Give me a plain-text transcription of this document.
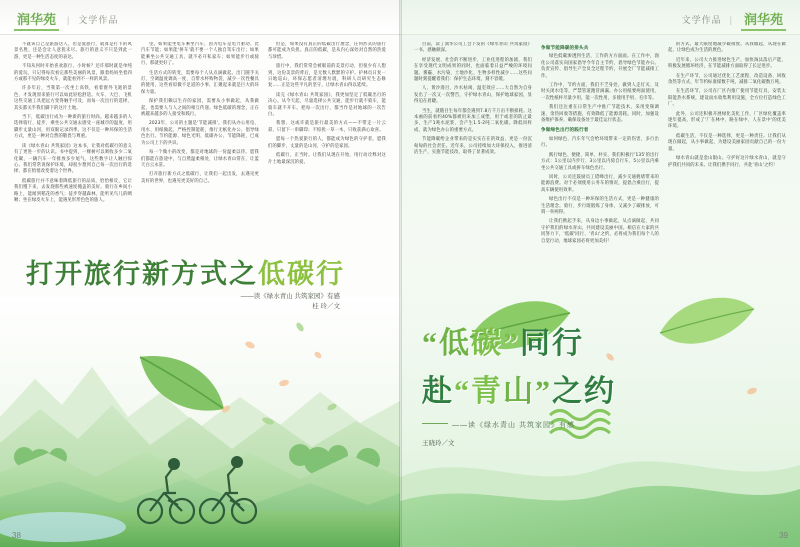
润华苑	| 文学作品

不就该自己是旅游达人，但是爱旅行，就算是打卡的风景名胜，还是会让人意犹未尽。旅行的意义不只是到此一游，更是一种生活态度的表达。

不知从何时开始喜欢旅行，小时候？还许那时就是单纯的爱玩，只记得每次看完那些美丽的风景，跟着妈妈坐着四方或那不见的绿皮火车，就能看到不一样的风景。

许多年后，当我第一次坐上高铁，看着窗外飞逝的景色，才发现原来旅行可以如此轻松舒适。火车、大巴、飞机这些交通工具把远方变得触手可及，而每一次出行的选择，其实都关乎我们脚下的这片土地。

当下，低碳出行成为一种新的旅行时尚。越来越多的人选择骑行、徒步、乘坐公共交通去感受一座城市的温度，用脚步丈量山河，用双眼记录四季。这不仅是一种环保的生活方式，更是一种对自然的敬畏与尊重。

读《绿水青山 共筑家园》这本书，让我对低碳行的意义有了更进一步的认识。书中提到，一棵树可以吸收多少二氧化碳，一辆汽车一年排放多少尾气，这些数字让人触目惊心。我们常常说保护环境，却很少想到自己每一次出行的选择，都在悄悄改变着这个世界。

低碳旅行并不意味着降低旅行的品质，恰恰相反，它让我们慢下来，去发现那些被速度掩盖的美好。骑行在乡间小路上，能闻到稻花的香气；徒步穿越森林，能听见鸟儿的啁啾；坐在绿皮火车上，能遇见形形色色的旅人。

里。如果能坐电车乘坐汽车，因为电车是电力驱动、比汽车节能；如果能'拼车'就不要一个人独自驾车出行；如果能乘坐公共交通工具，就不必开私家车；如果能步行或骑行，那就更好了。

生活方式的转变，需要每个人从点滴做起。出门随手关灯、空调温度调高一度、自带水杯购物袋、减少一次性餐具的使用，这些看似微不足道的小事，汇聚起来就是巨大的环保力量。

保护我们赖以生存的家园，需要从小事做起，从我做起，也需要人与人之间的相互传递。绿色低碳的理念，正在被越来越多的人接受和践行。

2023年，公司的主题是'节能减排'。我们从办公用电、用水、用纸做起，严格控制能耗，推行无纸化办公，倡导绿色出行。节约能源、绿色光明、低碳办公、节能降耗，已成为公司上下的共识。

每一个微小的改变，都是对地球的一份温柔以待。愿我们都能在旅途中，与自然温柔相处，让绿水青山常在，让蓝天白云永驻。

打开旅行新方式之低碳行，让我们一起出发，去遇见更美好的世界，也遇见更美好的自己。

但是，如果没有真正的低碳出行理念，任何形式的旅行都可能成为负担。真正的低碳，是从内心深处对自然的热爱与珍惜。

旅行中，我们常常会被眼前的美景打动，但很少有人想到，这份美景的背后，是无数人默默的守护。护林员日复一日地巡山，环保志愿者清理垃圾，科研人员研究生态修复……正是这些平凡的坚守，让绿水青山得以延续。

读完《绿水青山 共筑家园》，我更加坚定了低碳出行的决心。从今天起，尽量选择公共交通，能步行就不骑车，能骑车就不开车。把每一次出行，都当作是对地球的一次告白。

我想，这或许就是旅行最美的方式——不带走一片云彩，只留下一串脚印；不惊扰一草一木，只收获满心欢喜。

愿每一个热爱旅行的人，都能成为绿色的守护者。愿我们的脚步，丈量的是山河，守护的是家园。

低碳行，正当时。让我们从现在开始，用行动诠释对这片土地最深沉的爱。

打开旅行新方式之低碳行
——读《绿水青山 共筑家园》有感
桂 玲／文
38
润华苑
|
文学作品

目前，读了润华公司工会下发的《绿水青山 共筑家园》一书，感触颇深。

经济发展、社会的不断进步，工业化进程的加剧，我们在享受现代文明成果的同时，也面临着日益严峻的环境问题。雾霾、水污染、土地沙化、生物多样性减少……这些问题时刻提醒着我们：保护生态环境，刻不容缓。

人、黄沙漫目、沙水枯竭、温室效应……大自然为自身发出了一次又一次警告，守护绿水青山，保护地球家园，显得迫在眉睫。

当生，就随目生每年都会遇到7.8万千万亩不断损耗。这本画的前看约40%都被用来加工成塑，用于或者的防止最多，生产1吨水泥浆、会产生1.5-2吨二氧化碳。降低同样成，就为绿色办公的重要方式。

节能降碳给企业带来的是实实在在的效益，更是一份沉甸甸的社会责任。近年来，公司持续加大环保投入，推进清洁生产，实施节能技改，取得了显著成效。

争做节能降碳的排头兵

绿色低碳渗透到生活、工作的方方面面。在工作中，润化公司落实向国家倡导今年自主节约，倡导绿色节能办公。负责宣传、倡导生产全员全过程节约，开展全厂节能减排工作。

工作中，节约方面，我们不乏身处，做到人走灯灭、及时关闭水电等，严禁管道跑冒滴漏。办公用纸要两面使用，一次性纸杯尽量少用，能一次性用，多使用手绢、毛巾等。

我们还注重在日常生产中推广节能技术，采用变频调速、余热回收等措施，有效降低了能源消耗。同时，加强设备维护保养，确保设备处于最佳运行状态。

争做绿色出行的践行者

如何绿色、汽车年气会给环境带来一定的伤害，多行出行。

践行绿色、便捷、简单、朴实、我们积极行'135'的出行方式：1公里以内步行、3公里以内骑自行车、5公里以内乘坐公共交通工具或拼车绿色出行。

同时，公司还鼓励员工错峰出行，减少交通拥堵带来的能源浪费。对于必须使用公务车的情况，提倡合乘出行，提高车辆使用效率。

绿色出行不仅是一种环保的生活方式，更是一种健康的生活理念。骑行、步行既锻炼了身体，又减少了碳排放，可谓一举两得。

让我们携起手来，从身边小事做起，从点滴做起，共同守护我们的绿水青山，共同建设美丽中国。相信在大家的共同努力下，'低碳'同行、'青山'之约，必将成为我们每个人的自觉行动，地球家园必将更加美好！

的方式，最大限度地减少碳排放。从我做起，从现在做起，让绿色成为生活的底色。

近年来，公司大力推进绿色生产，加快淘汰落后产能，积极发展循环经济，在节能减排方面取得了长足进步。

在生产环节，公司通过优化工艺流程、改造设备、回收余热等方式，年节约标准煤数千吨，减排二氧化碳数万吨。

在生活环节，公司在厂区内推广使用节能灯具，安装太阳能热水系统，建设雨水收集利用设施，全方位打造绿色工厂。

此外，公司还积极开展绿化美化工作，厂区绿化覆盖率逐年提高，形成了'厂在林中、路在绿中、人在景中'的优美环境。

低碳生活，不仅是一种选择，更是一种责任。让我们从现在做起，从小事做起，为建设美丽家园贡献自己的一份力量。

绿水青山就是金山银山。守护好这片绿水青山，就是守护我们共同的未来。让我们携手同行，共赴'青山'之约！

“低碳”同行
赴“青山”之约
——读《绿水青山 共筑家园》有感
王晓玲／文
39
